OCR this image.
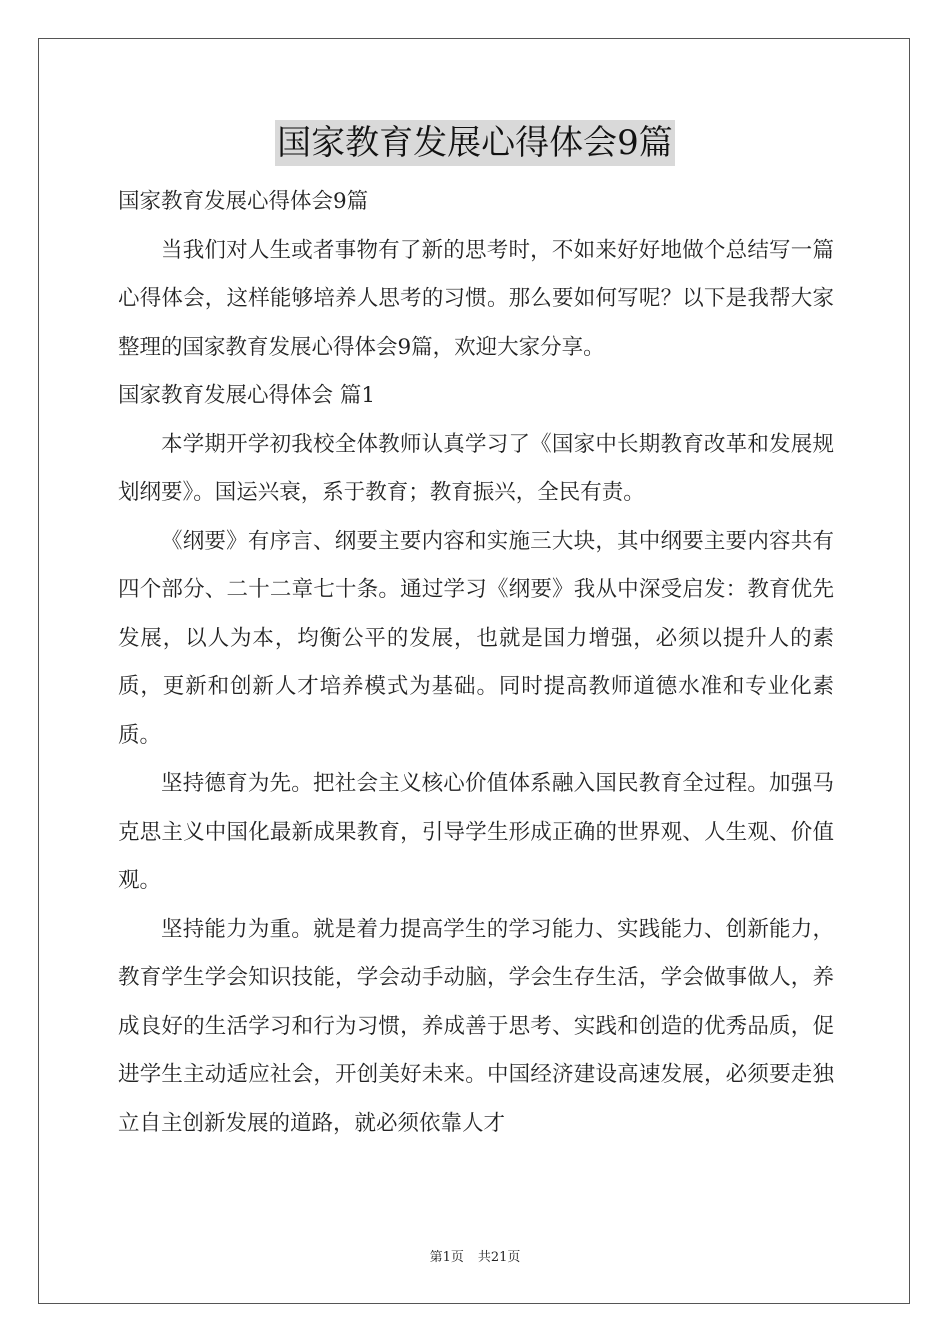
国家教育发展心得体会9篇

国家教育发展心得体会9篇

当我们对人生或者事物有了新的思考时，不如来好好地做个总结写一篇心得体会，这样能够培养人思考的习惯。那么要如何写呢？以下是我帮大家整理的国家教育发展心得体会9篇，欢迎大家分享。

国家教育发展心得体会 篇1

本学期开学初我校全体教师认真学习了《国家中长期教育改革和发展规划纲要》。国运兴衰，系于教育；教育振兴，全民有责。

《纲要》有序言、纲要主要内容和实施三大块，其中纲要主要内容共有四个部分、二十二章七十条。通过学习《纲要》我从中深受启发：教育优先发展，以人为本，均衡公平的发展，也就是国力增强，必须以提升人的素质，更新和创新人才培养模式为基础。同时提高教师道德水准和专业化素质。

坚持德育为先。把社会主义核心价值体系融入国民教育全过程。加强马克思主义中国化最新成果教育，引导学生形成正确的世界观、人生观、价值观。

坚持能力为重。就是着力提高学生的学习能力、实践能力、创新能力，教育学生学会知识技能，学会动手动脑，学会生存生活，学会做事做人，养成良好的生活学习和行为习惯，养成善于思考、实践和创造的优秀品质，促进学生主动适应社会，开创美好未来。中国经济建设高速发展，必须要走独立自主创新发展的道路，就必须依靠人才

第1页 共21页
